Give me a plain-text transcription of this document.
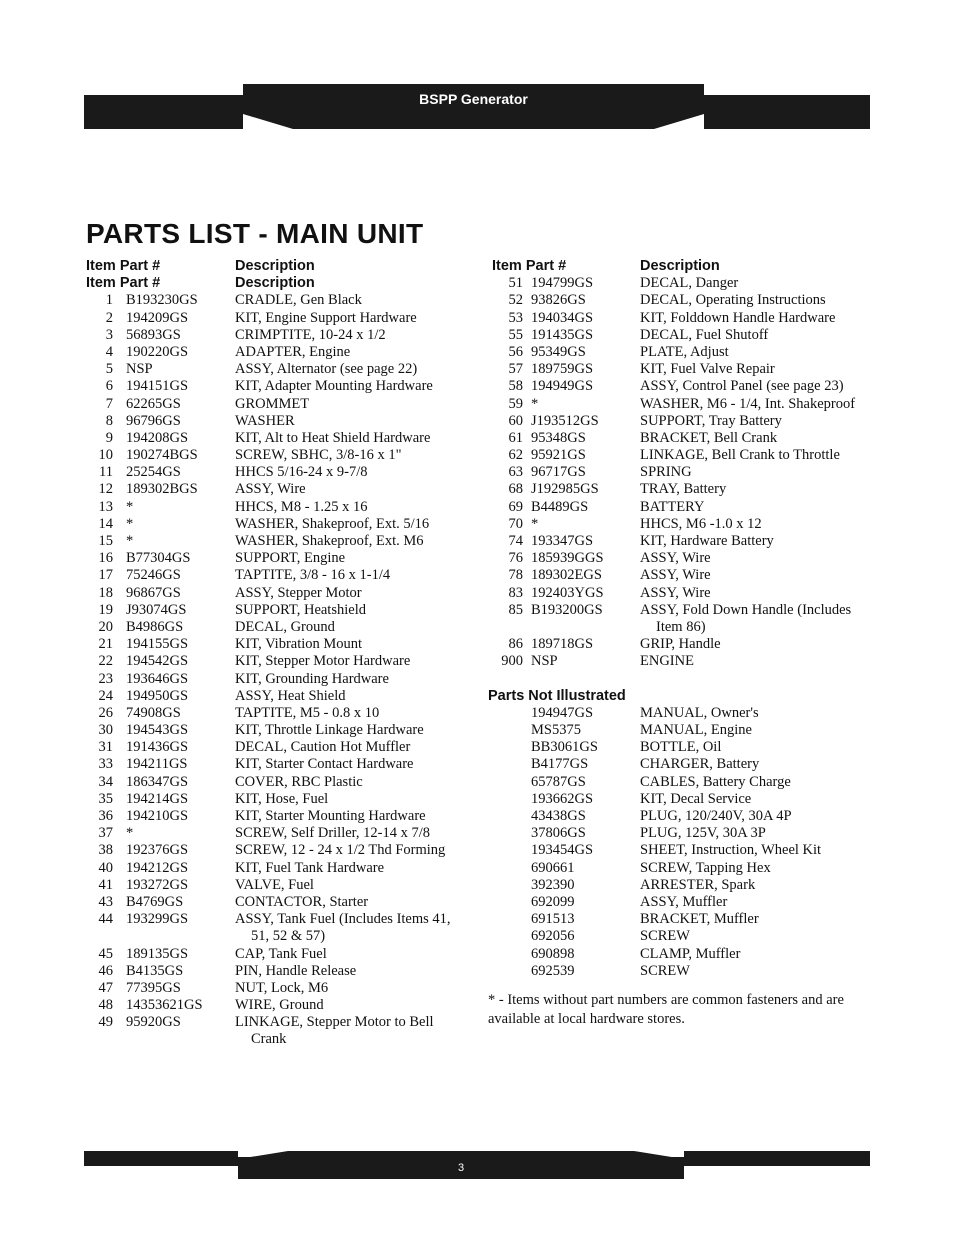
BSPP Generator
PARTS LIST - MAIN UNIT
Item Part #	Description
Item Part #	Description
1 B193230GS	CRADLE, Gen Black
2 194209GS	KIT, Engine Support Hardware
3 56893GS	CRIMPTITE, 10-24 x 1/2
4 190220GS	ADAPTER, Engine
5 NSP	ASSY, Alternator (see page 22)
6 194151GS	KIT, Adapter Mounting Hardware
7 62265GS	GROMMET
8 96796GS	WASHER
9 194208GS	KIT, Alt to Heat Shield Hardware
10 190274BGS	SCREW, SBHC, 3/8-16 x 1"
11 25254GS	HHCS 5/16-24 x 9-7/8
12 189302BGS	ASSY, Wire
13 *	HHCS, M8 - 1.25 x 16
14 *	WASHER, Shakeproof, Ext. 5/16
15 *	WASHER, Shakeproof, Ext. M6
16 B77304GS	SUPPORT, Engine
17 75246GS	TAPTITE, 3/8 - 16 x 1-1/4
18 96867GS	ASSY, Stepper Motor
19 J93074GS	SUPPORT, Heatshield
20 B4986GS	DECAL, Ground
21 194155GS	KIT, Vibration Mount
22 194542GS	KIT, Stepper Motor Hardware
23 193646GS	KIT, Grounding Hardware
24 194950GS	ASSY, Heat Shield
26 74908GS	TAPTITE, M5 - 0.8 x 10
30 194543GS	KIT, Throttle Linkage Hardware
31 191436GS	DECAL, Caution Hot Muffler
33 194211GS	KIT, Starter Contact Hardware
34 186347GS	COVER, RBC Plastic
35 194214GS	KIT, Hose, Fuel
36 194210GS	KIT, Starter Mounting Hardware
37 *	SCREW, Self Driller, 12-14 x 7/8
38 192376GS	SCREW, 12 - 24 x 1/2 Thd Forming
40 194212GS	KIT, Fuel Tank Hardware
41 193272GS	VALVE, Fuel
43 B4769GS	CONTACTOR, Starter
44 193299GS	ASSY, Tank Fuel (Includes Items 41,
51, 52 & 57)
45 189135GS	CAP, Tank Fuel
46 B4135GS	PIN, Handle Release
47 77395GS	NUT, Lock, M6
48 14353621GS WIRE, Ground
49 95920GS	LINKAGE, Stepper Motor to Bell
Crank
Item Part #	Description
51 194799GS	DECAL, Danger
52 93826GS	DECAL, Operating Instructions
53 194034GS	KIT, Folddown Handle Hardware
55 191435GS	DECAL, Fuel Shutoff
56 95349GS	PLATE, Adjust
57 189759GS	KIT, Fuel Valve Repair
58 194949GS	ASSY, Control Panel (see page 23)
59 *	WASHER, M6 - 1/4, Int. Shakeproof
60 J193512GS	SUPPORT, Tray Battery
61 95348GS	BRACKET, Bell Crank
62 95921GS	LINKAGE, Bell Crank to Throttle
63 96717GS	SPRING
68 J192985GS	TRAY, Battery
69 B4489GS	BATTERY
70 *	HHCS, M6 -1.0 x 12
74 193347GS	KIT, Hardware Battery
76 185939GGS	ASSY, Wire
78 189302EGS	ASSY, Wire
83 192403YGS	ASSY, Wire
85 B193200GS	ASSY, Fold Down Handle (Includes
Item 86)
86 189718GS	GRIP, Handle
900 NSP	ENGINE
Parts Not Illustrated
194947GS	MANUAL, Owner's
MS5375	MANUAL, Engine
BB3061GS	BOTTLE, Oil
B4177GS	CHARGER, Battery
65787GS	CABLES, Battery Charge
193662GS	KIT, Decal Service
43438GS	PLUG, 120/240V, 30A 4P
37806GS	PLUG, 125V, 30A 3P
193454GS	SHEET, Instruction, Wheel Kit
690661	SCREW, Tapping Hex
392390	ARRESTER, Spark
692099	ASSY, Muffler
691513	BRACKET, Muffler
692056	SCREW
690898	CLAMP, Muffler
692539	SCREW
* - Items without part numbers are common fasteners and are available at local hardware stores.
3
